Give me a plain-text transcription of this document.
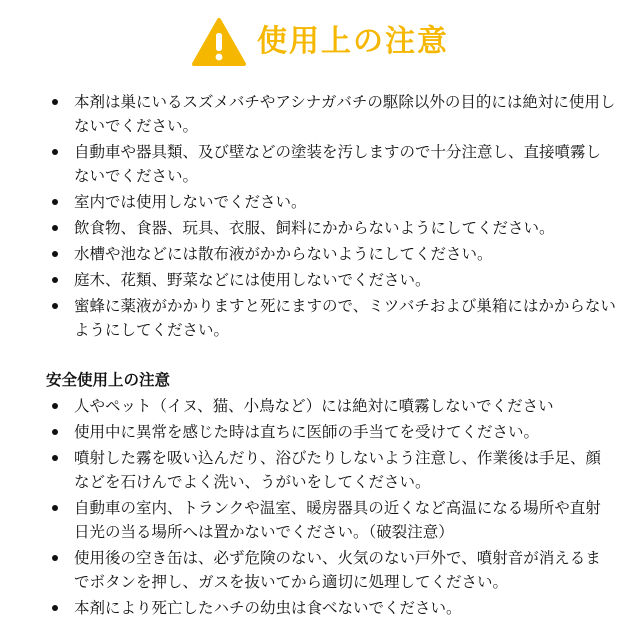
使用上の注意
本剤は巣にいるスズメバチやアシナガバチの駆除以外の目的には絶対に使用しないでください。
自動車や器具類、及び壁などの塗装を汚しますので十分注意し、直接噴霧しないでください。
室内では使用しないでください。
飲食物、食器、玩具、衣服、飼料にかからないようにしてください。
水槽や池などには散布液がかからないようにしてください。
庭木、花類、野菜などには使用しないでください。
蜜蜂に薬液がかかりますと死にますので、ミツバチおよび巣箱にはかからないようにしてください。
安全使用上の注意
人やペット（イヌ、猫、小鳥など）には絶対に噴霧しないでください
使用中に異常を感じた時は直ちに医師の手当てを受けてください。
噴射した霧を吸い込んだり、浴びたりしないよう注意し、作業後は手足、顔などを石けんでよく洗い、うがいをしてください。
自動車の室内、トランクや温室、暖房器具の近くなど高温になる場所や直射日光の当る場所へは置かないでください。（破裂注意）
使用後の空き缶は、必ず危険のない、火気のない戸外で、噴射音が消えるまでボタンを押し、ガスを抜いてから適切に処理してください。
本剤により死亡したハチの幼虫は食べないでください。
